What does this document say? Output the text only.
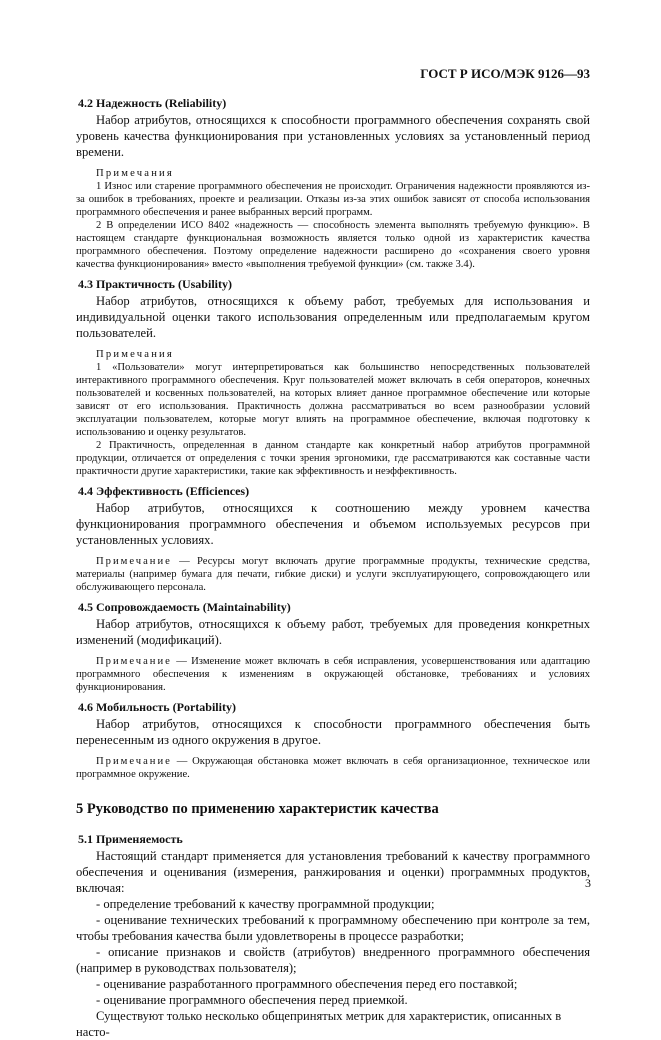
ГОСТ Р ИСО/МЭК 9126—93
4.2 Надежность (Reliability)

Набор атрибутов, относящихся к способности программного обеспечения сохранять свой уровень качества функционирования при установленных условиях за установленный период времени.

Примечания

1 Износ или старение программного обеспечения не происходит. Ограничения надежности проявляются из-за ошибок в требованиях, проекте и реализации. Отказы из-за этих ошибок зависят от способа использования программного обеспечения и ранее выбранных версий программ.

2 В определении ИСО 8402 «надежность — способность элемента выполнять требуемую функцию». В настоящем стандарте функциональная возможность является только одной из характеристик качества программного обеспечения. Поэтому определение надежности расширено до «сохранения своего уровня качества функционирования» вместо «выполнения требуемой функции» (см. также 3.4).

4.3 Практичность (Usability)

Набор атрибутов, относящихся к объему работ, требуемых для использования и индивидуальной оценки такого использования определенным или предполагаемым кругом пользователей.

Примечания

1 «Пользователи» могут интерпретироваться как большинство непосредственных пользователей интерактивного программного обеспечения. Круг пользователей может включать в себя операторов, конечных пользователей и косвенных пользователей, на которых влияет данное программное обеспечение или которые зависят от его использования. Практичность должна рассматриваться во всем разнообразии условий эксплуатации пользователем, которые могут влиять на программное обеспечение, включая подготовку к использованию и оценку результатов.

2 Практичность, определенная в данном стандарте как конкретный набор атрибутов программной продукции, отличается от определения с точки зрения эргономики, где рассматриваются как составные части практичности другие характеристики, такие как эффективность и неэффективность.

4.4 Эффективность (Efficiences)

Набор атрибутов, относящихся к соотношению между уровнем качества функционирования программного обеспечения и объемом используемых ресурсов при установленных условиях.

Примечание — Ресурсы могут включать другие программные продукты, технические средства, материалы (например бумага для печати, гибкие диски) и услуги эксплуатирующего, сопровождающего или обслуживающего персонала.

4.5 Сопровождаемость (Maintainability)

Набор атрибутов, относящихся к объему работ, требуемых для проведения конкретных изменений (модификаций).

Примечание — Изменение может включать в себя исправления, усовершенствования или адаптацию программного обеспечения к изменениям в окружающей обстановке, требованиях и условиях функционирования.

4.6 Мобильность (Portability)

Набор атрибутов, относящихся к способности программного обеспечения быть перенесенным из одного окружения в другое.

Примечание — Окружающая обстановка может включать в себя организационное, техническое или программное окружение.

5 Руководство по применению характеристик качества
5.1 Применяемость

Настоящий стандарт применяется для установления требований к качеству программного обеспечения и оценивания (измерения, ранжирования и оценки) программных продуктов, включая:

- определение требований к качеству программной продукции;

- оценивание технических требований к программному обеспечению при контроле за тем, чтобы требования качества были удовлетворены в процессе разработки;

- описание признаков и свойств (атрибутов) внедренного программного обеспечения (например в руководствах пользователя);

- оценивание разработанного программного обеспечения перед его поставкой;

- оценивание программного обеспечения перед приемкой.

Существуют только несколько общепринятых метрик для характеристик, описанных в насто-

3
